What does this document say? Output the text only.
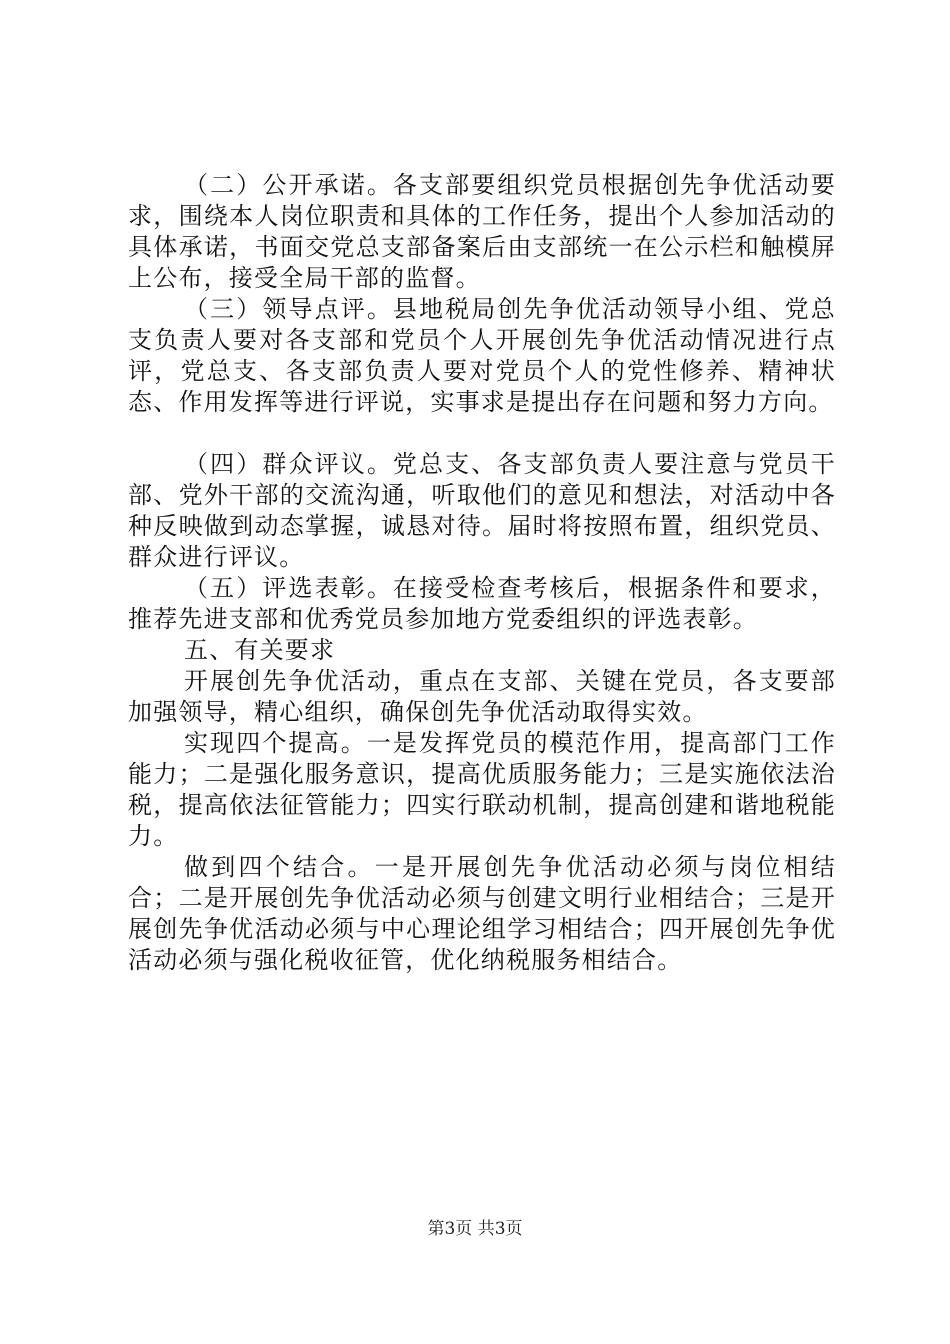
（二）公开承诺。各支部要组织党员根据创先争优活动要求，围绕本人岗位职责和具体的工作任务，提出个人参加活动的具体承诺，书面交党总支部备案后由支部统一在公示栏和触模屏上公布，接受全局干部的监督。

（三）领导点评。县地税局创先争优活动领导小组、党总支负责人要对各支部和党员个人开展创先争优活动情况进行点评，党总支、各支部负责人要对党员个人的党性修养、精神状态、作用发挥等进行评说，实事求是提出存在问题和努力方向。

（四）群众评议。党总支、各支部负责人要注意与党员干部、党外干部的交流沟通，听取他们的意见和想法，对活动中各种反映做到动态掌握，诚恳对待。届时将按照布置，组织党员、群众进行评议。

（五）评选表彰。在接受检查考核后，根据条件和要求，推荐先进支部和优秀党员参加地方党委组织的评选表彰。

五、有关要求

开展创先争优活动，重点在支部、关键在党员，各支要部加强领导，精心组织，确保创先争优活动取得实效。

实现四个提高。一是发挥党员的模范作用，提高部门工作能力；二是强化服务意识，提高优质服务能力；三是实施依法治税，提高依法征管能力；四实行联动机制，提高创建和谐地税能力。

做到四个结合。一是开展创先争优活动必须与岗位相结合；二是开展创先争优活动必须与创建文明行业相结合；三是开展创先争优活动必须与中心理论组学习相结合；四开展创先争优活动必须与强化税收征管，优化纳税服务相结合。

第3页 共3页
